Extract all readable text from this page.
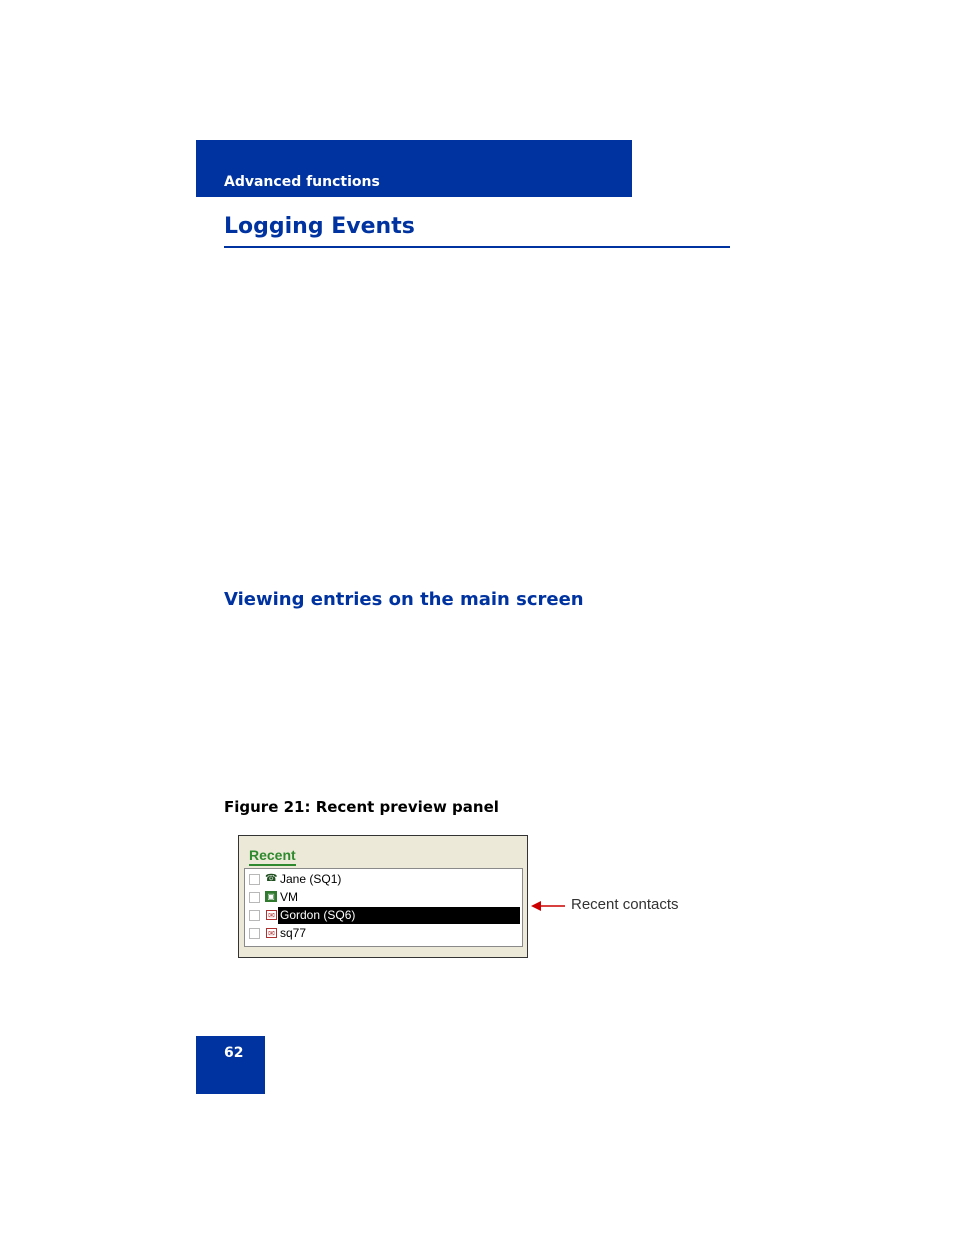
Advanced functions
Logging Events
Viewing entries on the main screen
Figure 21: Recent preview panel
Recent
☎ Jane (SQ1)
▣ VM
✉ Gordon (SQ6)
✉ sq77
Recent contacts
62
